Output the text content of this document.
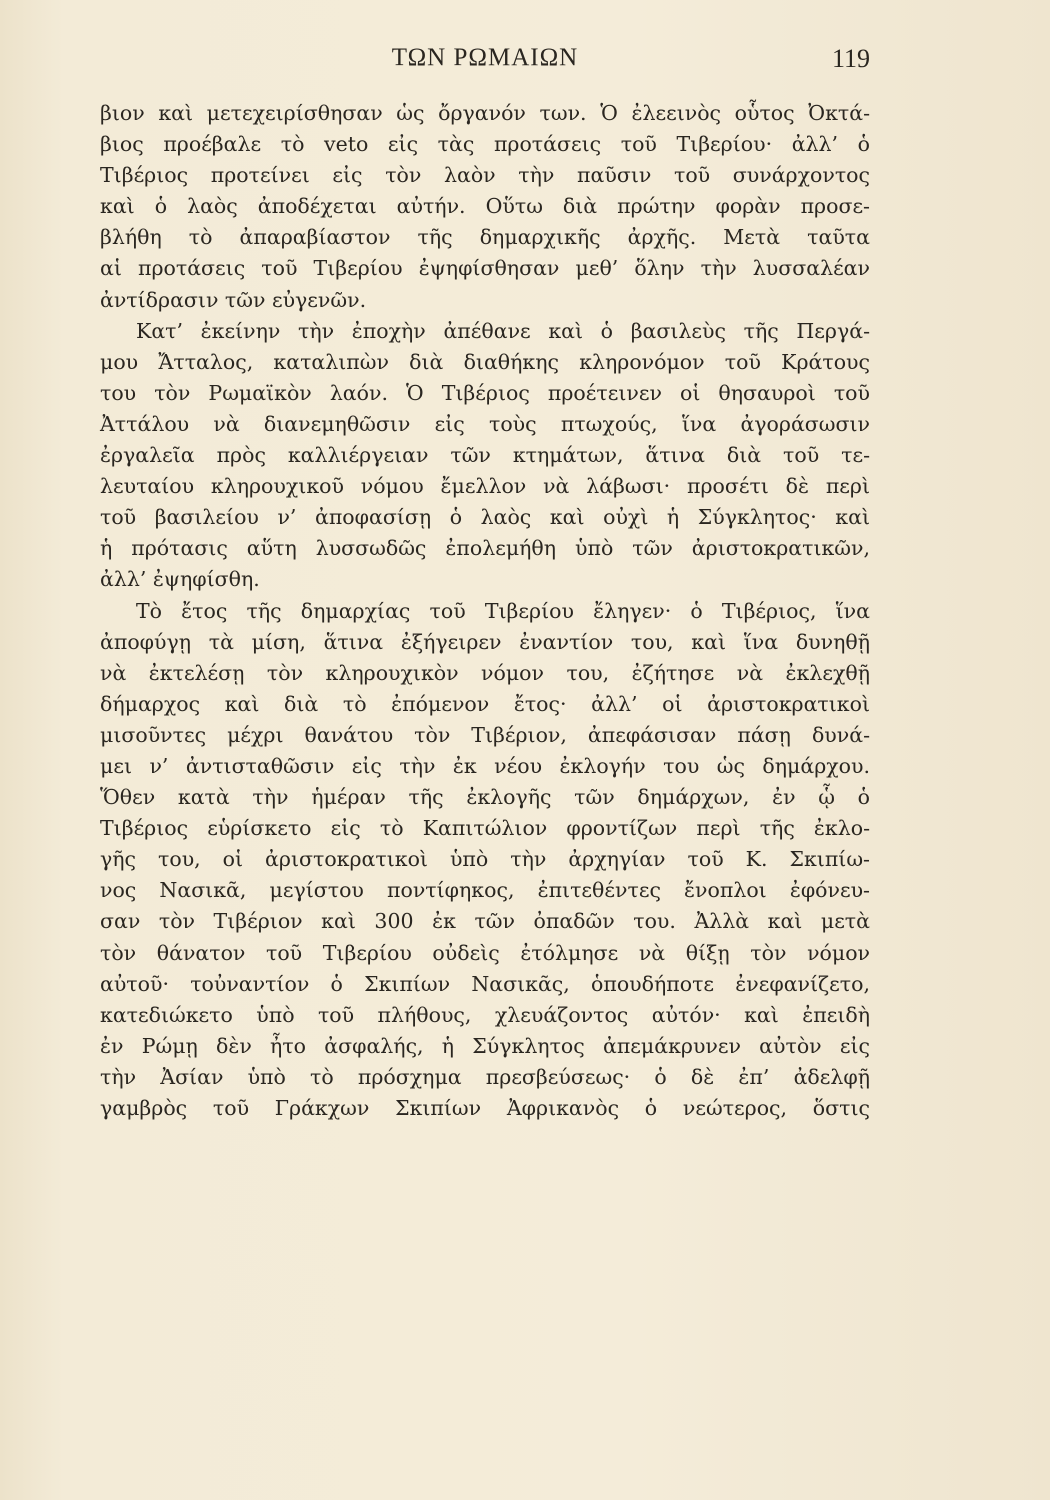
ΤΩΝ ΡΩΜΑΙΩΝ	119

βιον καὶ μετεχειρίσθησαν ὡς ὄργανόν των. Ὁ ἐλεεινὸς οὗτος Ὀκτά-
βιος προέβαλε τὸ veto εἰς τὰς προτάσεις τοῦ Τιβερίου· ἀλλ’ ὁ
Τιβέριος προτείνει εἰς τὸν λαὸν τὴν παῦσιν τοῦ συνάρχοντος
καὶ ὁ λαὸς ἀποδέχεται αὐτήν. Οὕτω διὰ πρώτην φορὰν προσε-
βλήθη τὸ ἀπαραβίαστον τῆς δημαρχικῆς ἀρχῆς. Μετὰ ταῦτα
αἱ προτάσεις τοῦ Τιβερίου ἐψηφίσθησαν μεθ’ ὅλην τὴν λυσσαλέαν
ἀντίδρασιν τῶν εὐγενῶν.

Κατ’ ἐκείνην τὴν ἐποχὴν ἀπέθανε καὶ ὁ βασιλεὺς τῆς Περγά-
μου Ἄτταλος, καταλιπὼν διὰ διαθήκης κληρονόμον τοῦ Κράτους
του τὸν Ρωμαϊκὸν λαόν. Ὁ Τιβέριος προέτεινεν οἱ θησαυροὶ τοῦ
Ἀττάλου νὰ διανεμηθῶσιν εἰς τοὺς πτωχούς, ἵνα ἀγοράσωσιν
ἐργαλεῖα πρὸς καλλιέργειαν τῶν κτημάτων, ἅτινα διὰ τοῦ τε-
λευταίου κληρουχικοῦ νόμου ἔμελλον νὰ λάβωσι· προσέτι δὲ περὶ
τοῦ βασιλείου ν’ ἀποφασίσῃ ὁ λαὸς καὶ οὐχὶ ἡ Σύγκλητος· καὶ
ἡ πρότασις αὕτη λυσσωδῶς ἐπολεμήθη ὑπὸ τῶν ἀριστοκρατικῶν,
ἀλλ’ ἐψηφίσθη.

Τὸ ἔτος τῆς δημαρχίας τοῦ Τιβερίου ἔληγεν· ὁ Τιβέριος, ἵνα
ἀποφύγῃ τὰ μίση, ἅτινα ἐξήγειρεν ἐναντίον του, καὶ ἵνα δυνηθῇ
νὰ ἐκτελέσῃ τὸν κληρουχικὸν νόμον του, ἐζήτησε νὰ ἐκλεχθῇ
δήμαρχος καὶ διὰ τὸ ἐπόμενον ἔτος· ἀλλ’ οἱ ἀριστοκρατικοὶ
μισοῦντες μέχρι θανάτου τὸν Τιβέριον, ἀπεφάσισαν πάσῃ δυνά-
μει ν’ ἀντισταθῶσιν εἰς τὴν ἐκ νέου ἐκλογήν του ὡς δημάρχου.
Ὅθεν κατὰ τὴν ἡμέραν τῆς ἐκλογῆς τῶν δημάρχων, ἐν ᾧ ὁ
Τιβέριος εὑρίσκετο εἰς τὸ Καπιτώλιον φροντίζων περὶ τῆς ἐκλο-
γῆς του, οἱ ἀριστοκρατικοὶ ὑπὸ τὴν ἀρχηγίαν τοῦ Κ. Σκιπίω-
νος Νασικᾶ, μεγίστου ποντίφηκος, ἐπιτεθέντες ἔνοπλοι ἐφόνευ-
σαν τὸν Τιβέριον καὶ 300 ἐκ τῶν ὀπαδῶν του. Ἀλλὰ καὶ μετὰ
τὸν θάνατον τοῦ Τιβερίου οὐδεὶς ἐτόλμησε νὰ θίξῃ τὸν νόμον
αὐτοῦ· τοὐναντίον ὁ Σκιπίων Νασικᾶς, ὁπουδήποτε ἐνεφανίζετο,
κατεδιώκετο ὑπὸ τοῦ πλήθους, χλευάζοντος αὐτόν· καὶ ἐπειδὴ
ἐν Ρώμῃ δὲν ἦτο ἀσφαλής, ἡ Σύγκλητος ἀπεμάκρυνεν αὐτὸν εἰς
τὴν Ἀσίαν ὑπὸ τὸ πρόσχημα πρεσβεύσεως· ὁ δὲ ἐπ’ ἀδελφῇ
γαμβρὸς τοῦ Γράκχων Σκιπίων Ἀφρικανὸς ὁ νεώτερος, ὅστις
